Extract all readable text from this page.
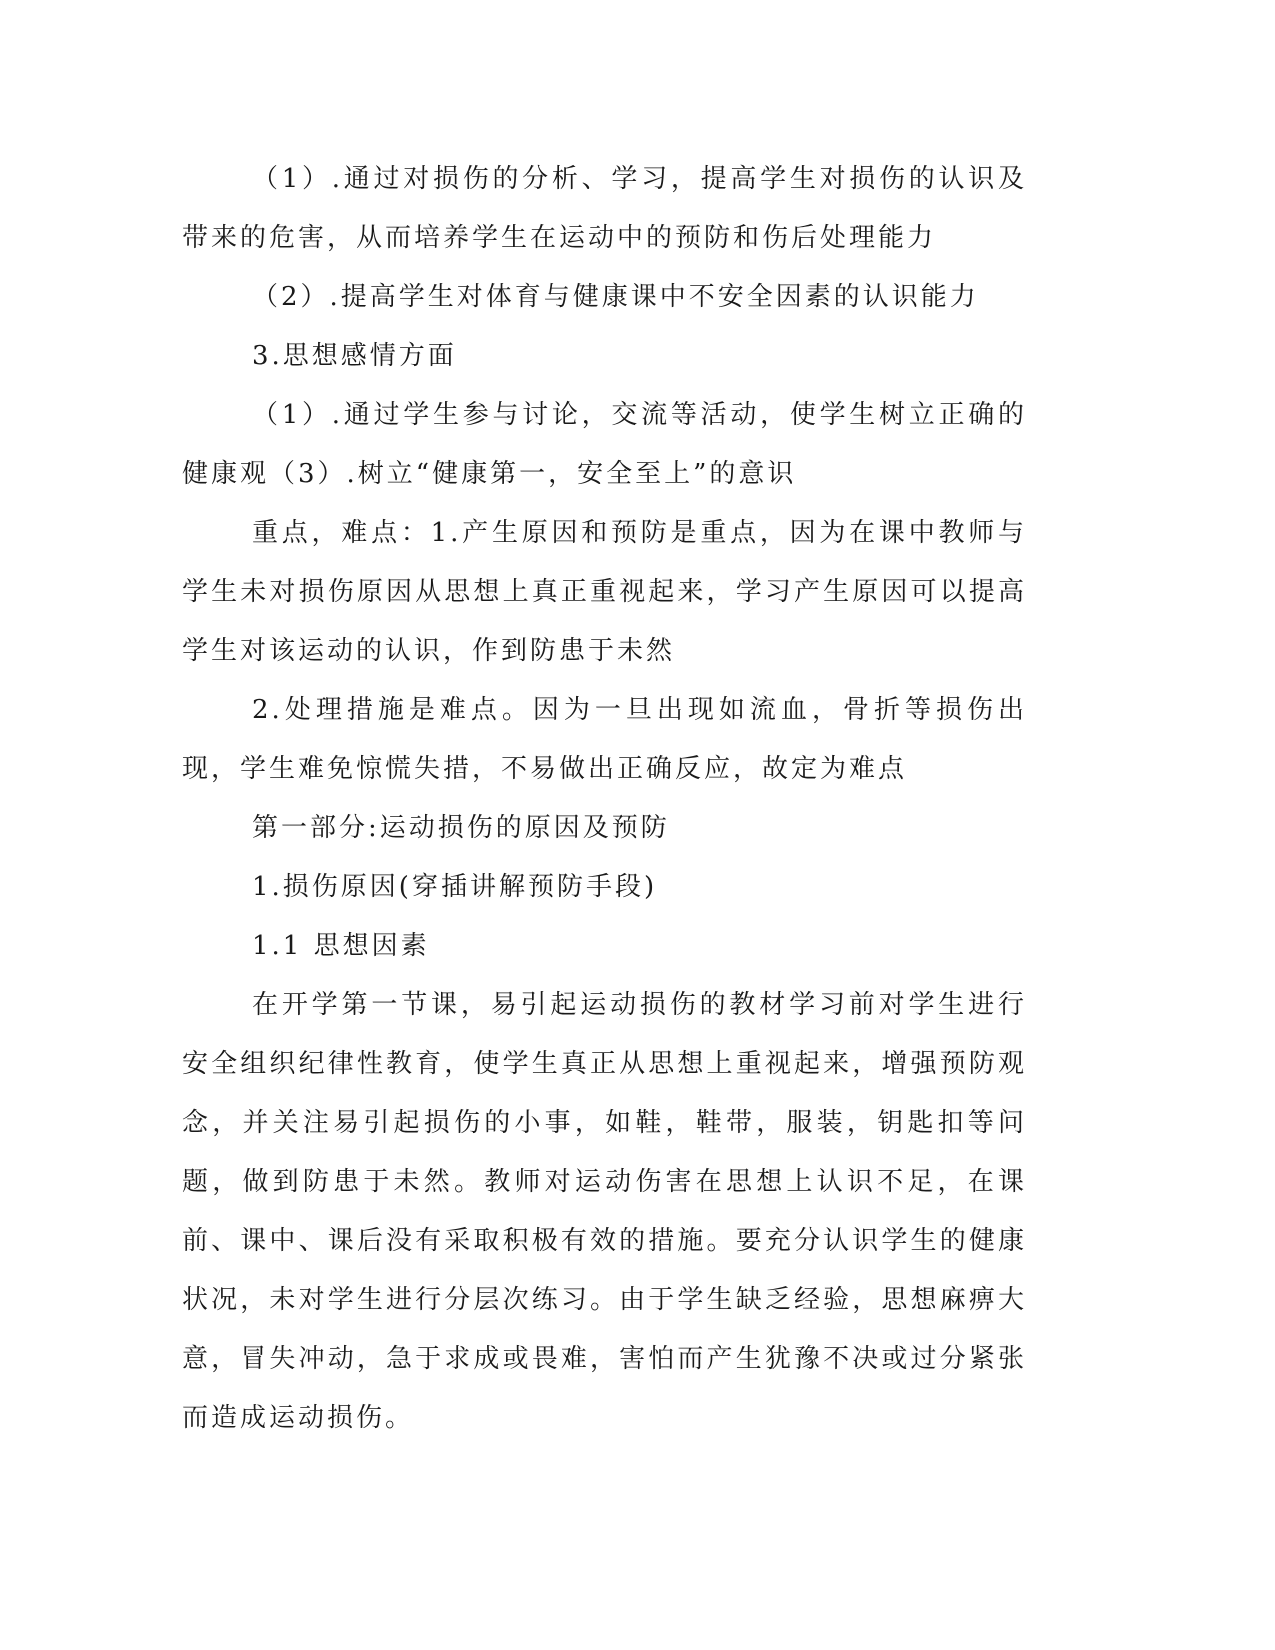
（1）.通过对损伤的分析、学习，提高学生对损伤的认识及带来的危害，从而培养学生在运动中的预防和伤后处理能力

（2）.提高学生对体育与健康课中不安全因素的认识能力

3.思想感情方面

（1）.通过学生参与讨论，交流等活动，使学生树立正确的健康观（3）.树立“健康第一，安全至上”的意识

重点，难点：1.产生原因和预防是重点，因为在课中教师与学生未对损伤原因从思想上真正重视起来，学习产生原因可以提高学生对该运动的认识，作到防患于未然

2.处理措施是难点。因为一旦出现如流血，骨折等损伤出现，学生难免惊慌失措，不易做出正确反应，故定为难点

第一部分:运动损伤的原因及预防

1.损伤原因(穿插讲解预防手段)

1.1 思想因素

在开学第一节课，易引起运动损伤的教材学习前对学生进行安全组织纪律性教育，使学生真正从思想上重视起来，增强预防观念，并关注易引起损伤的小事，如鞋，鞋带，服装，钥匙扣等问题，做到防患于未然。教师对运动伤害在思想上认识不足，在课前、课中、课后没有采取积极有效的措施。要充分认识学生的健康状况，未对学生进行分层次练习。由于学生缺乏经验，思想麻痹大意，冒失冲动，急于求成或畏难，害怕而产生犹豫不决或过分紧张而造成运动损伤。
